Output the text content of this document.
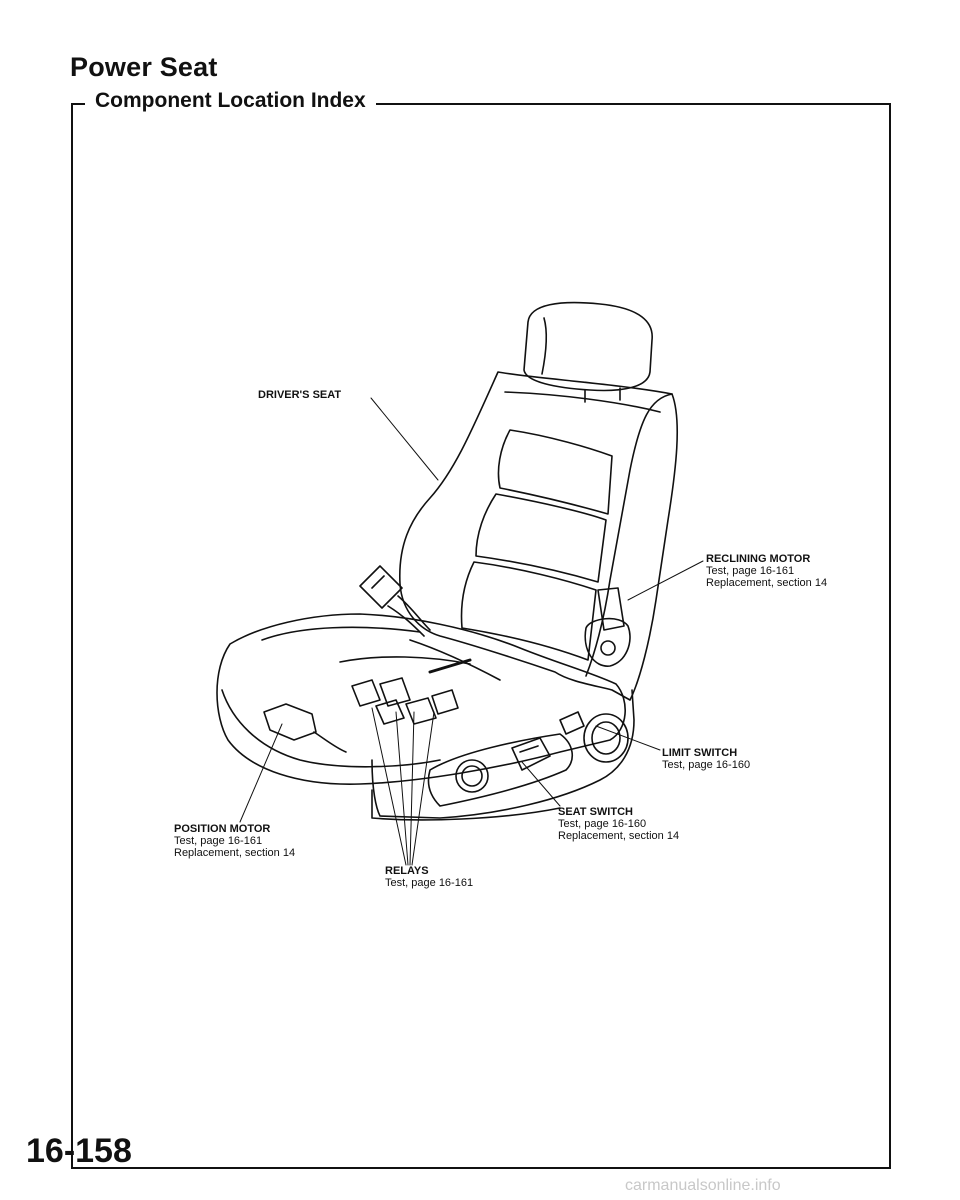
Power Seat
Component Location Index
DRIVER'S SEAT
RECLINING MOTOR
Test, page 16-161
Replacement, section 14
LIMIT SWITCH
Test, page 16-160
SEAT SWITCH
Test, page 16-160
Replacement, section 14
POSITION MOTOR
Test, page 16-161
Replacement, section 14
RELAYS
Test, page 16-161
16-158
carmanualsonline.info
